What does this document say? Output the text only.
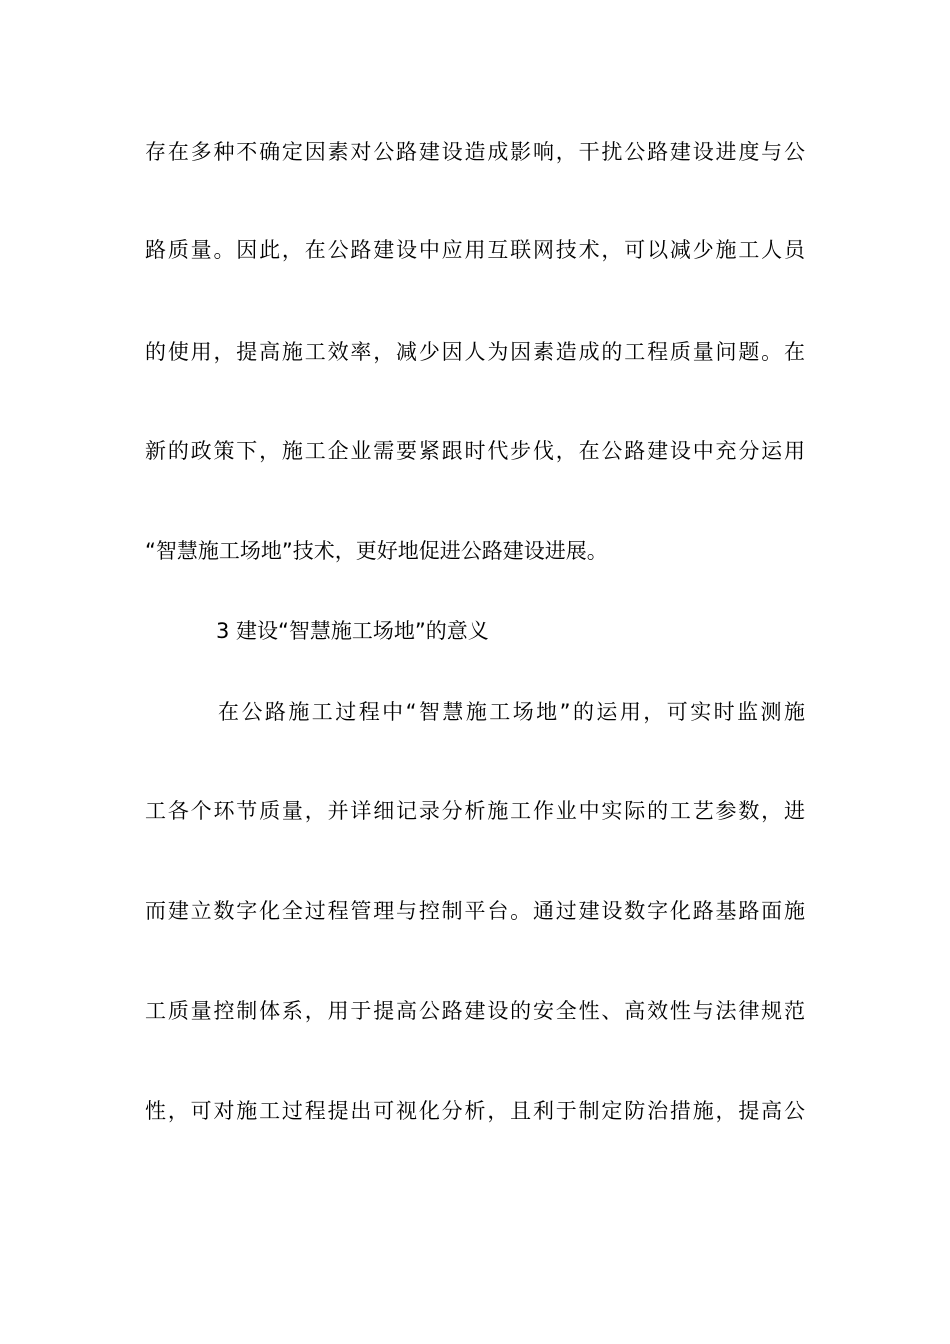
存在多种不确定因素对公路建设造成影响，干扰公路建设进度与公
路质量。因此，在公路建设中应用互联网技术，可以减少施工人员
的使用，提高施工效率，减少因人为因素造成的工程质量问题。在
新的政策下，施工企业需要紧跟时代步伐，在公路建设中充分运用
“智慧施工场地”技术，更好地促进公路建设进展。
3 建设“智慧施工场地”的意义
在公路施工过程中“智慧施工场地”的运用，可实时监测施
工各个环节质量，并详细记录分析施工作业中实际的工艺参数，进
而建立数字化全过程管理与控制平台。通过建设数字化路基路面施
工质量控制体系，用于提高公路建设的安全性、高效性与法律规范
性，可对施工过程提出可视化分析，且利于制定防治措施，提高公
